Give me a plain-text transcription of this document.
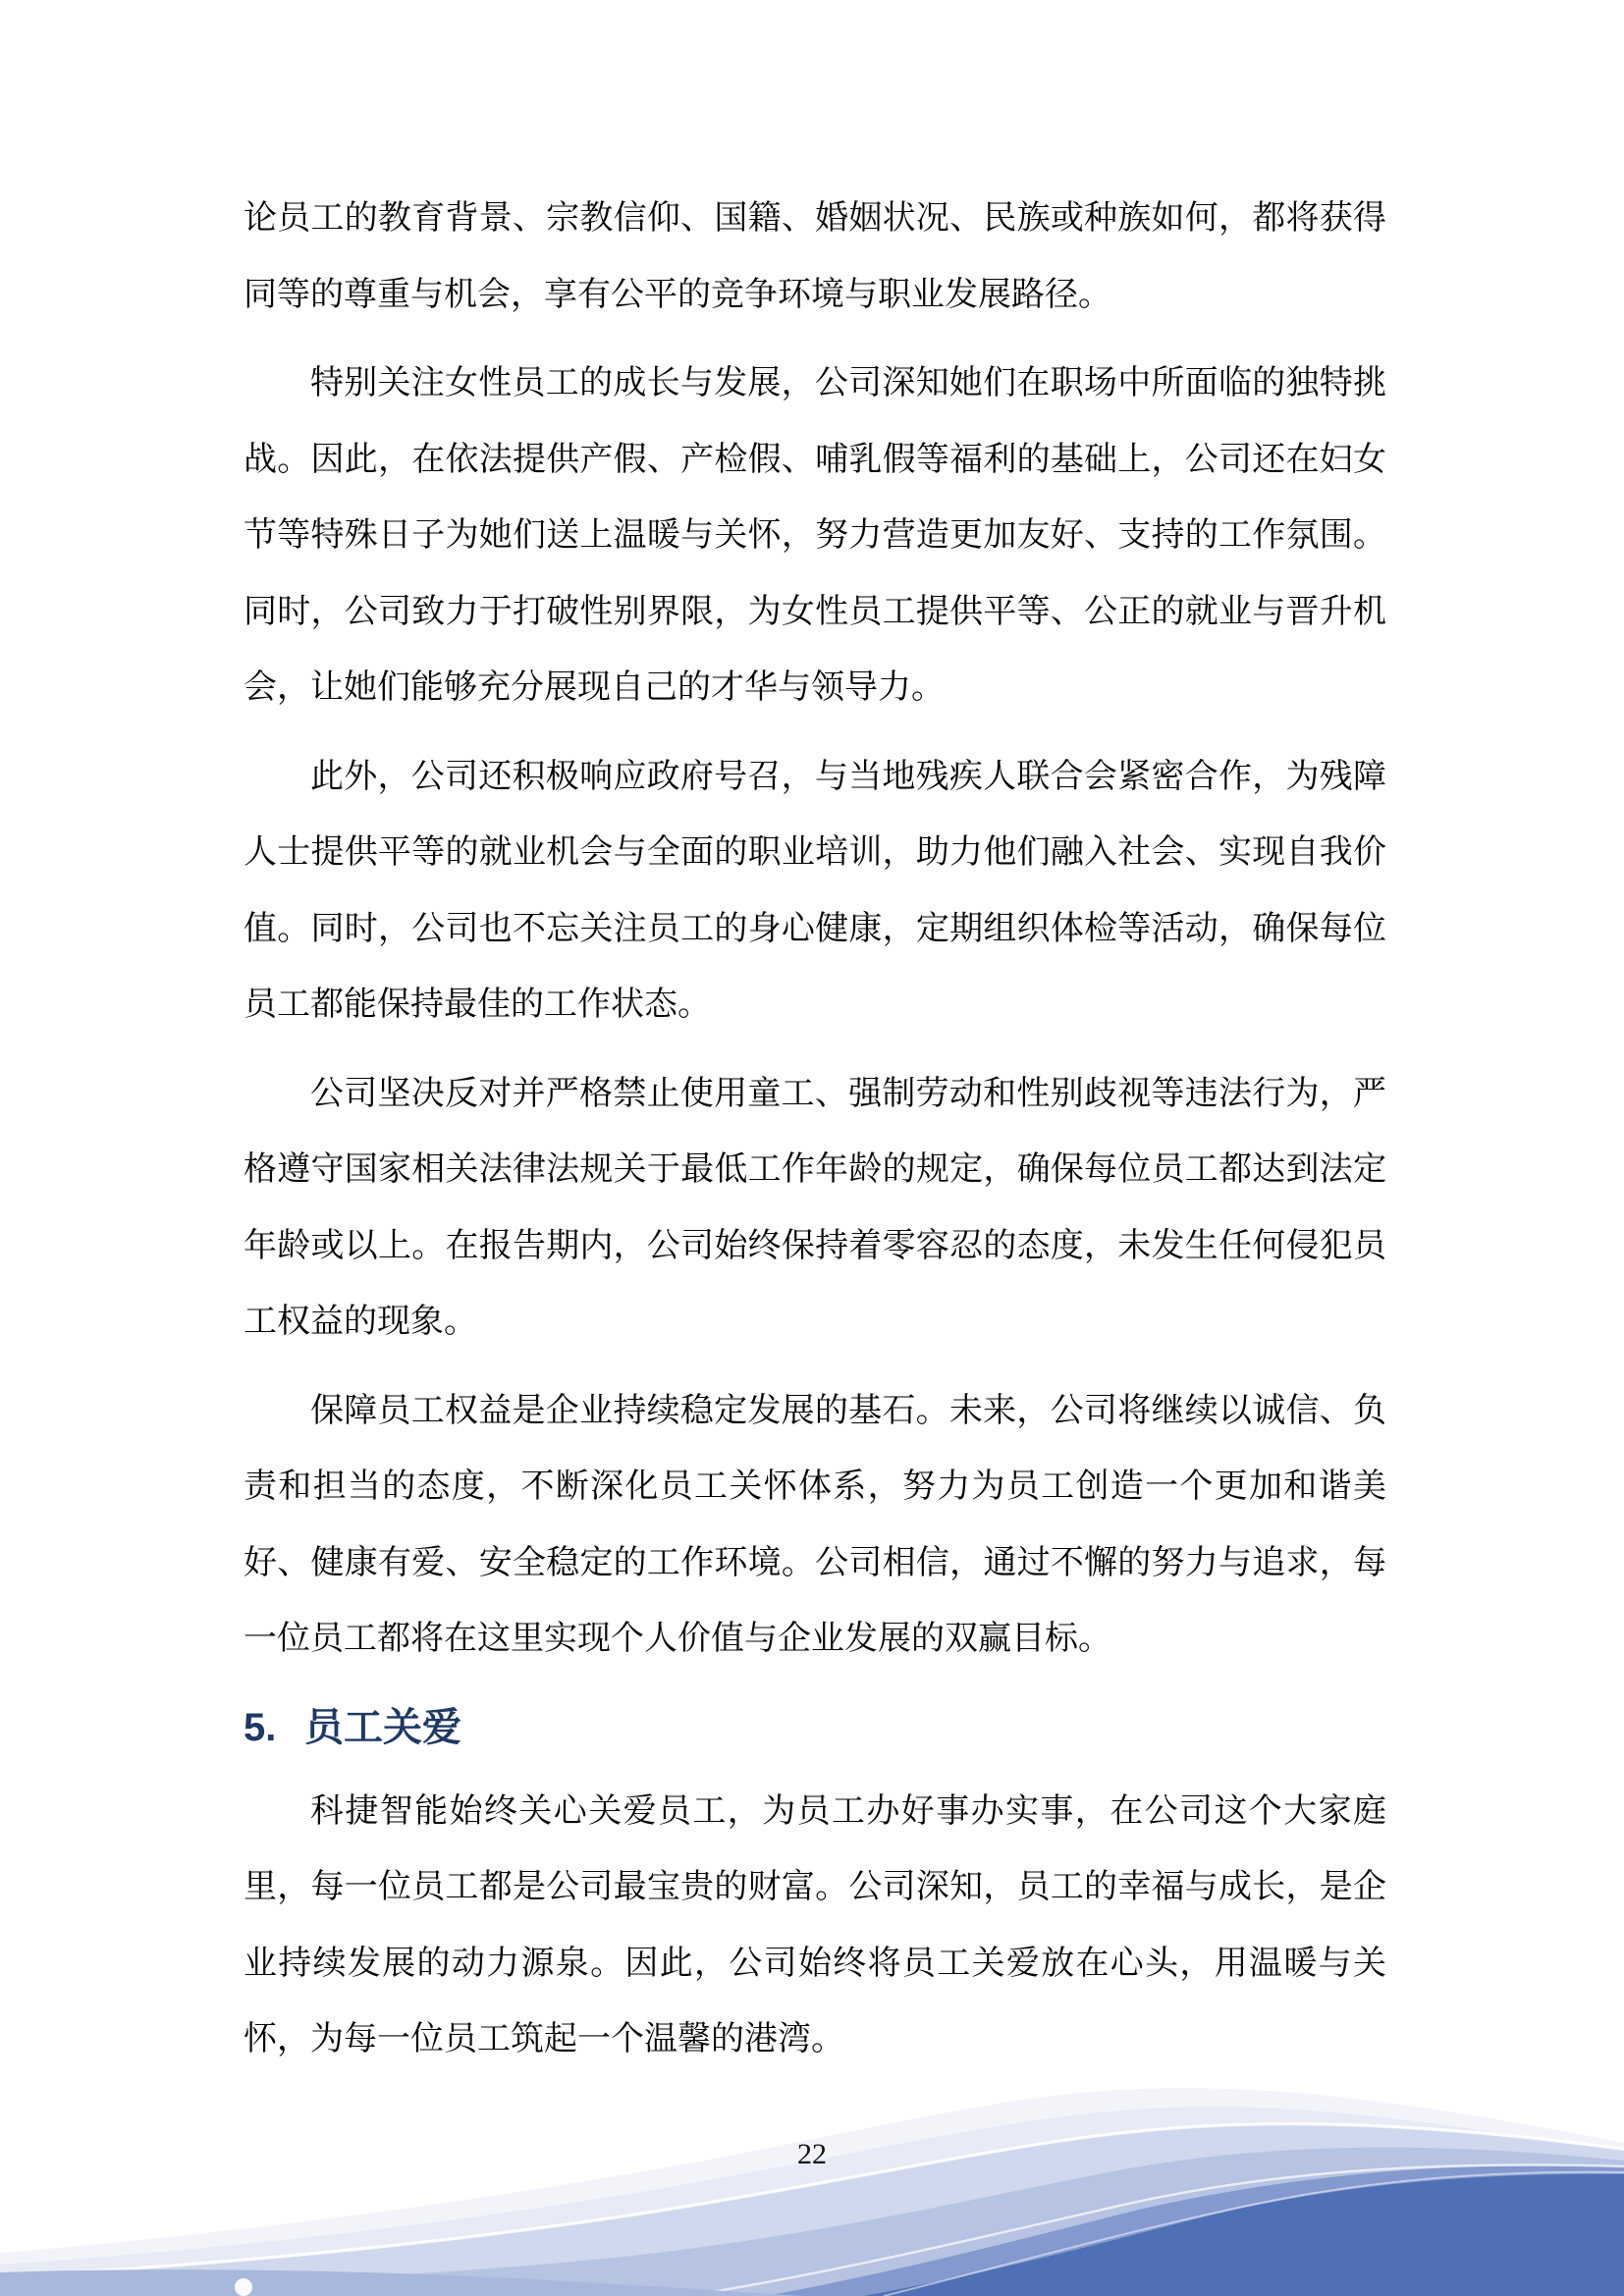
论员工的教育背景、宗教信仰、国籍、婚姻状况、民族或种族如何，都将获得同等的尊重与机会，享有公平的竞争环境与职业发展路径。

特别关注女性员工的成长与发展，公司深知她们在职场中所面临的独特挑战。因此，在依法提供产假、产检假、哺乳假等福利的基础上，公司还在妇女节等特殊日子为她们送上温暖与关怀，努力营造更加友好、支持的工作氛围。同时，公司致力于打破性别界限，为女性员工提供平等、公正的就业与晋升机会，让她们能够充分展现自己的才华与领导力。

此外，公司还积极响应政府号召，与当地残疾人联合会紧密合作，为残障人士提供平等的就业机会与全面的职业培训，助力他们融入社会、实现自我价值。同时，公司也不忘关注员工的身心健康，定期组织体检等活动，确保每位员工都能保持最佳的工作状态。

公司坚决反对并严格禁止使用童工、强制劳动和性别歧视等违法行为，严格遵守国家相关法律法规关于最低工作年龄的规定，确保每位员工都达到法定年龄或以上。在报告期内，公司始终保持着零容忍的态度，未发生任何侵犯员工权益的现象。

保障员工权益是企业持续稳定发展的基石。未来，公司将继续以诚信、负责和担当的态度，不断深化员工关怀体系，努力为员工创造一个更加和谐美好、健康有爱、安全稳定的工作环境。公司相信，通过不懈的努力与追求，每一位员工都将在这里实现个人价值与企业发展的双赢目标。

5. 员工关爱

科捷智能始终关心关爱员工，为员工办好事办实事，在公司这个大家庭里，每一位员工都是公司最宝贵的财富。公司深知，员工的幸福与成长，是企业持续发展的动力源泉。因此，公司始终将员工关爱放在心头，用温暖与关怀，为每一位员工筑起一个温馨的港湾。

22
